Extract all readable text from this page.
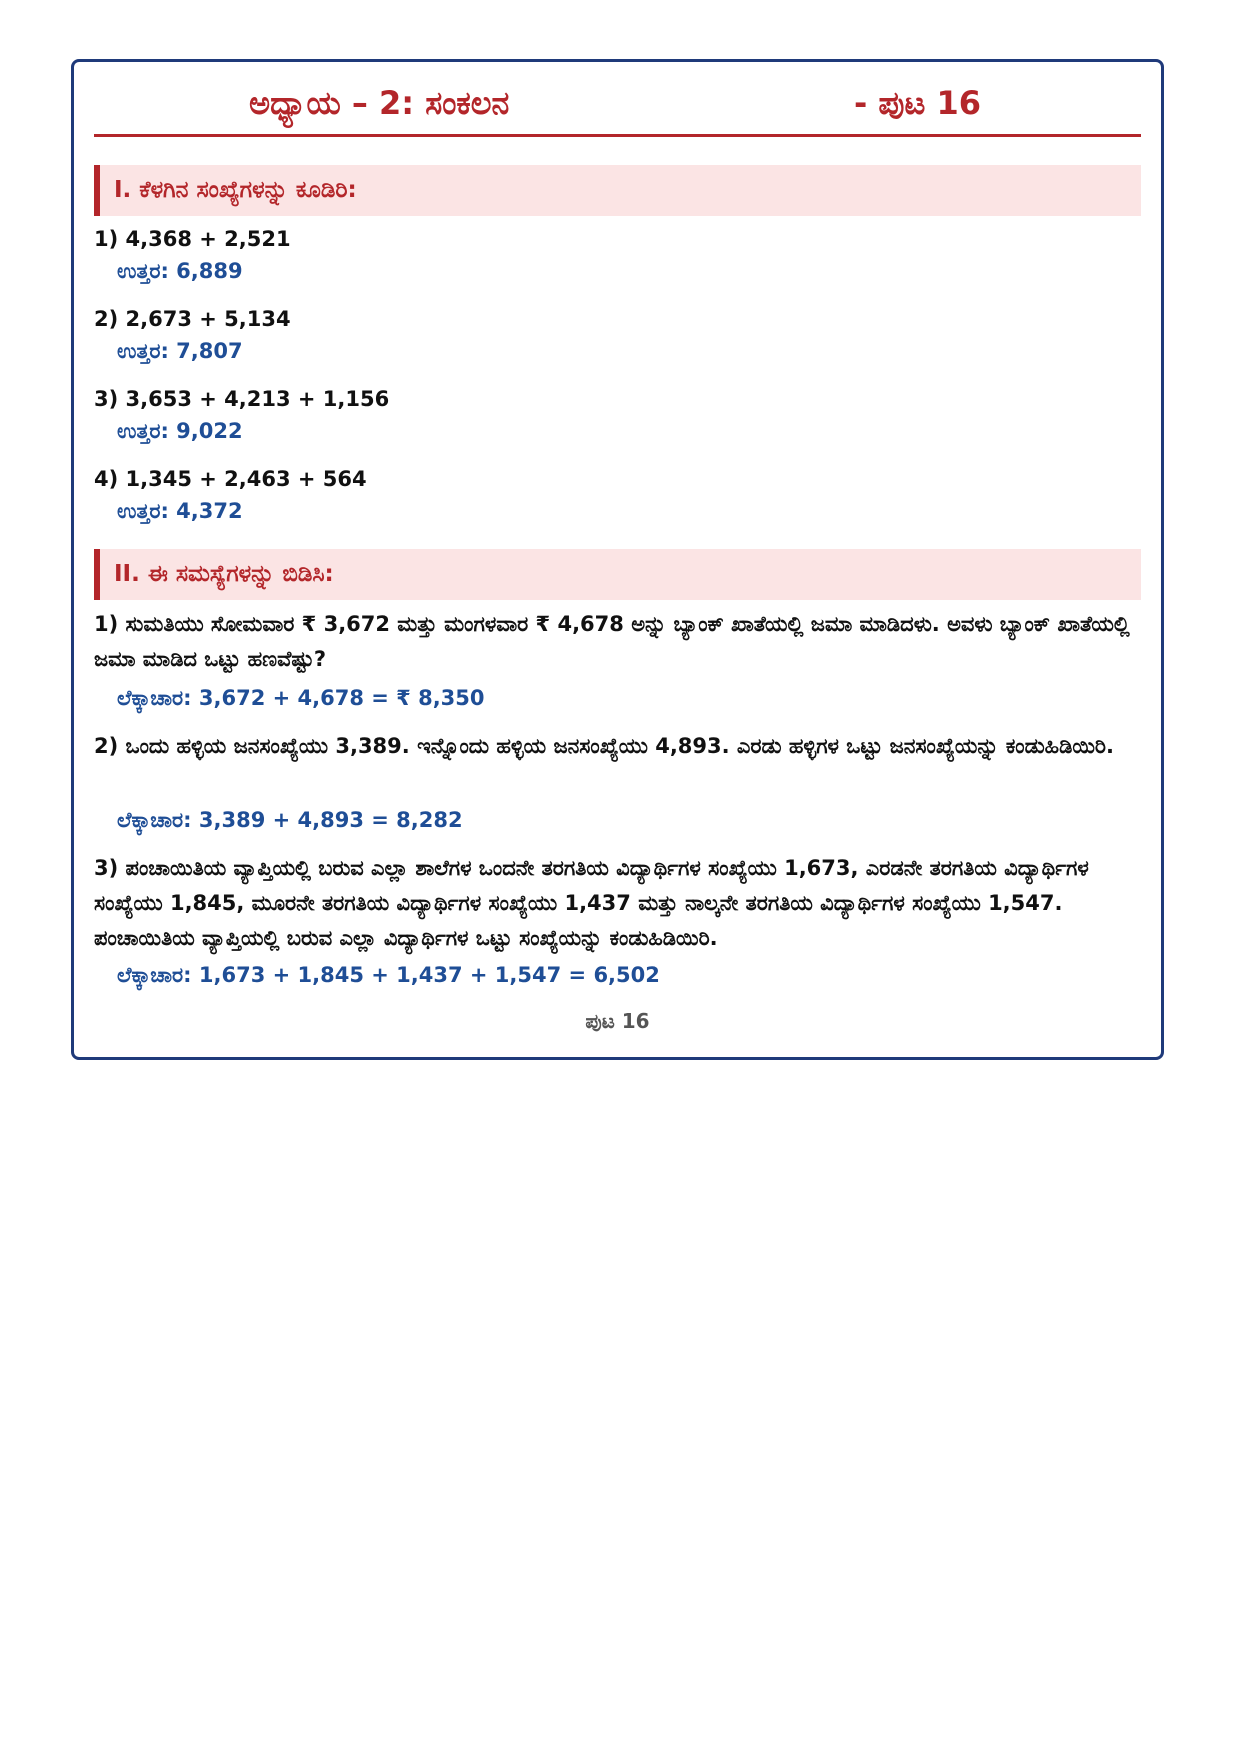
ಅಧ್ಯಾಯ – 2: ಸಂಕಲನ	- ಪುಟ 16
I. ಕೆಳಗಿನ ಸಂಖ್ಯೆಗಳನ್ನು ಕೂಡಿರಿ:
1) 4,368 + 2,521
ಉತ್ತರ: 6,889
2) 2,673 + 5,134
ಉತ್ತರ: 7,807
3) 3,653 + 4,213 + 1,156
ಉತ್ತರ: 9,022
4) 1,345 + 2,463 + 564
ಉತ್ತರ: 4,372
II. ಈ ಸಮಸ್ಯೆಗಳನ್ನು ಬಿಡಿಸಿ:
1) ಸುಮತಿಯು ಸೋಮವಾರ ₹ 3,672 ಮತ್ತು ಮಂಗಳವಾರ ₹ 4,678 ಅನ್ನು ಬ್ಯಾಂಕ್ ಖಾತೆಯಲ್ಲಿ ಜಮಾ ಮಾಡಿದಳು. ಅವಳು ಬ್ಯಾಂಕ್ ಖಾತೆಯಲ್ಲಿ ಜಮಾ ಮಾಡಿದ ಒಟ್ಟು ಹಣವೆಷ್ಟು?
ಲೆಕ್ಕಾಚಾರ: 3,672 + 4,678 = ₹ 8,350
2) ಒಂದು ಹಳ್ಳಿಯ ಜನಸಂಖ್ಯೆಯು 3,389. ಇನ್ನೊಂದು ಹಳ್ಳಿಯ ಜನಸಂಖ್ಯೆಯು 4,893. ಎರಡು ಹಳ್ಳಿಗಳ ಒಟ್ಟು ಜನಸಂಖ್ಯೆಯನ್ನು ಕಂಡುಹಿಡಿಯಿರಿ.
ಲೆಕ್ಕಾಚಾರ: 3,389 + 4,893 = 8,282
3) ಪಂಚಾಯಿತಿಯ ವ್ಯಾಪ್ತಿಯಲ್ಲಿ ಬರುವ ಎಲ್ಲಾ ಶಾಲೆಗಳ ಒಂದನೇ ತರಗತಿಯ ವಿದ್ಯಾರ್ಥಿಗಳ ಸಂಖ್ಯೆಯು 1,673, ಎರಡನೇ ತರಗತಿಯ ವಿದ್ಯಾರ್ಥಿಗಳ ಸಂಖ್ಯೆಯು 1,845, ಮೂರನೇ ತರಗತಿಯ ವಿದ್ಯಾರ್ಥಿಗಳ ಸಂಖ್ಯೆಯು 1,437 ಮತ್ತು ನಾಲ್ಕನೇ ತರಗತಿಯ ವಿದ್ಯಾರ್ಥಿಗಳ ಸಂಖ್ಯೆಯು 1,547. ಪಂಚಾಯಿತಿಯ ವ್ಯಾಪ್ತಿಯಲ್ಲಿ ಬರುವ ಎಲ್ಲಾ ವಿದ್ಯಾರ್ಥಿಗಳ ಒಟ್ಟು ಸಂಖ್ಯೆಯನ್ನು ಕಂಡುಹಿಡಿಯಿರಿ.
ಲೆಕ್ಕಾಚಾರ: 1,673 + 1,845 + 1,437 + 1,547 = 6,502
ಪುಟ 16
